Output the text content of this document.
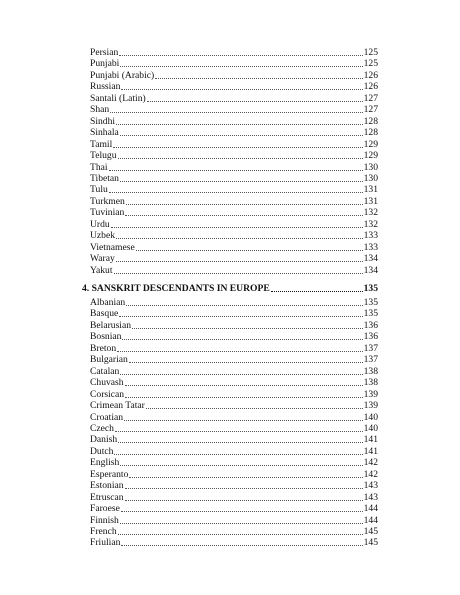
Persian	125
Punjabi	125
Punjabi (Arabic)	126
Russian	126
Santali (Latin)	127
Shan	127
Sindhi	128
Sinhala	128
Tamil	129
Telugu	129
Thai	130
Tibetan	130
Tulu	131
Turkmen	131
Tuvinian	132
Urdu	132
Uzbek	133
Vietnamese	133
Waray	134
Yakut	134
4. SANSKRIT DESCENDANTS IN EUROPE	135
Albanian	135
Basque	135
Belarusian	136
Bosnian	136
Breton	137
Bulgarian	137
Catalan	138
Chuvash	138
Corsican	139
Crimean Tatar	139
Croatian	140
Czech	140
Danish	141
Dutch	141
English	142
Esperanto	142
Estonian	143
Etruscan	143
Faroese	144
Finnish	144
French	145
Friulian	145
